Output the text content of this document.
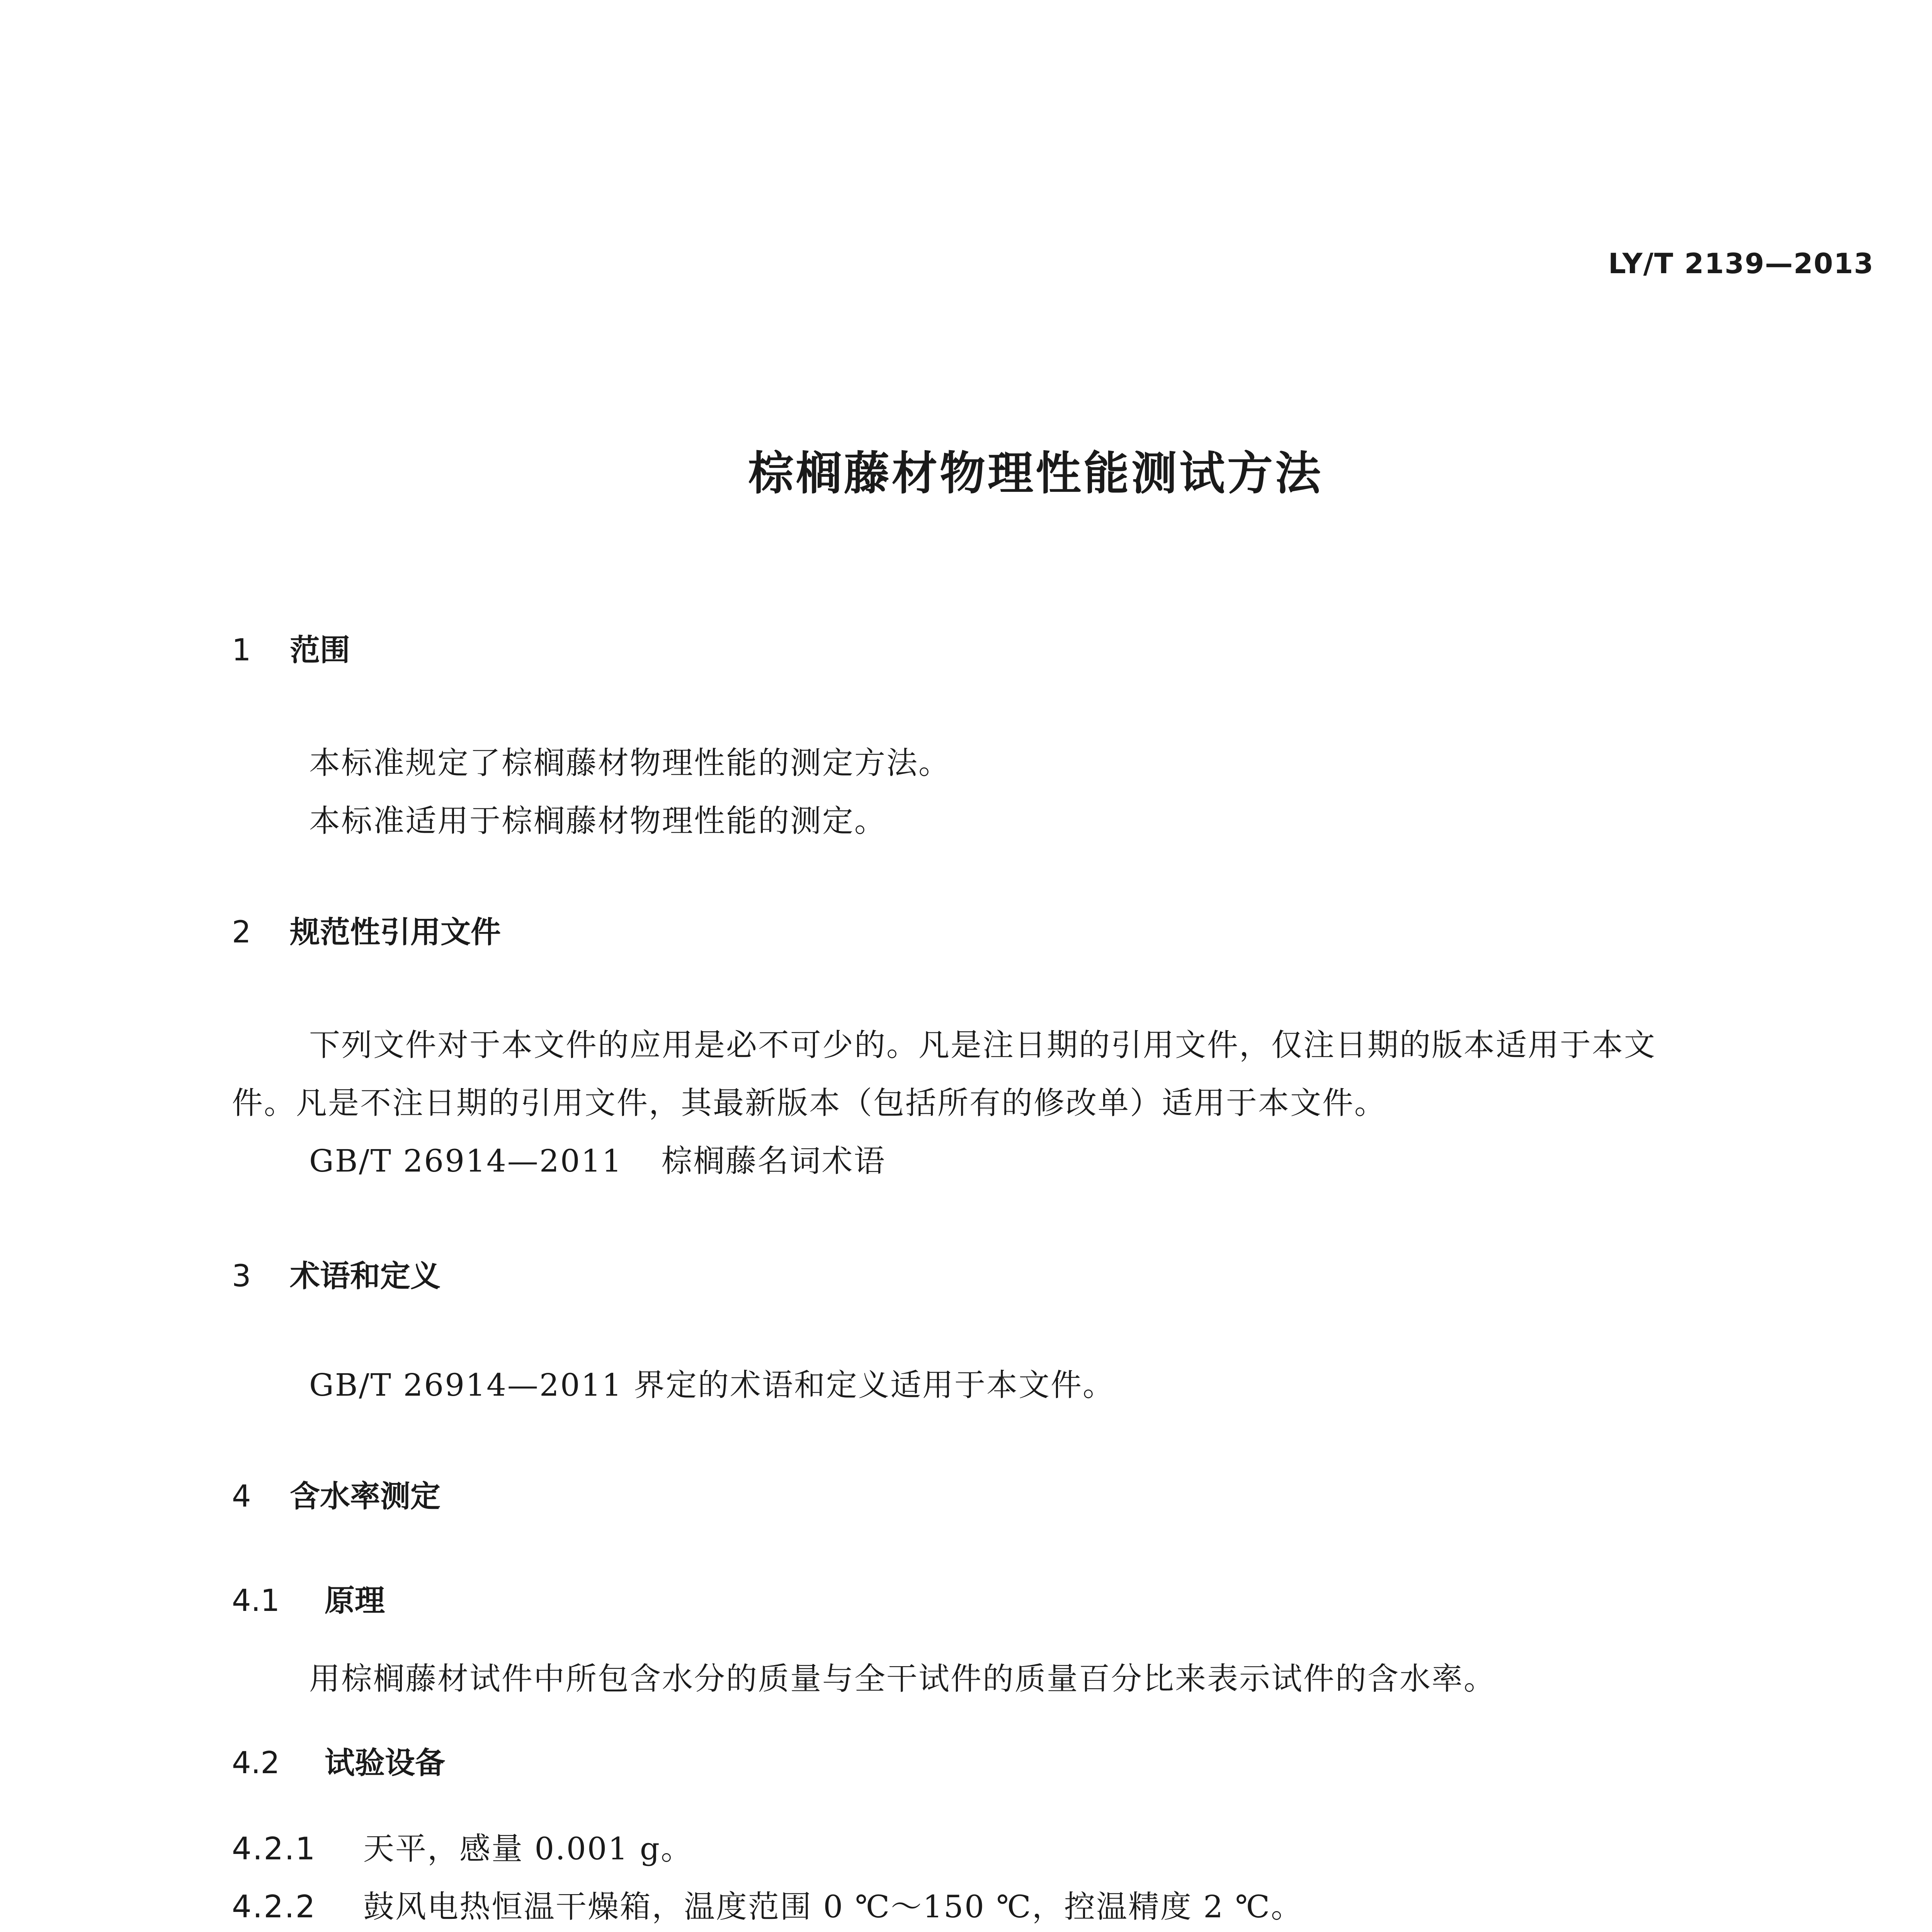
LY/T 2139—2013
棕榈藤材物理性能测试方法
1 范围
本标准规定了棕榈藤材物理性能的测定方法。
本标准适用于棕榈藤材物理性能的测定。
2 规范性引用文件
下列文件对于本文件的应用是必不可少的。凡是注日期的引用文件，仅注日期的版本适用于本文
件。凡是不注日期的引用文件，其最新版本（包括所有的修改单）适用于本文件。
GB/T 26914—2011 棕榈藤名词术语
3 术语和定义
GB/T 26914—2011 界定的术语和定义适用于本文件。
4 含水率测定
4.1 原理
用棕榈藤材试件中所包含水分的质量与全干试件的质量百分比来表示试件的含水率。
4.2 试验设备
4.2.1 天平，感量 0.001 g。
4.2.2 鼓风电热恒温干燥箱，温度范围 0 ℃～150 ℃，控温精度 2 ℃。
